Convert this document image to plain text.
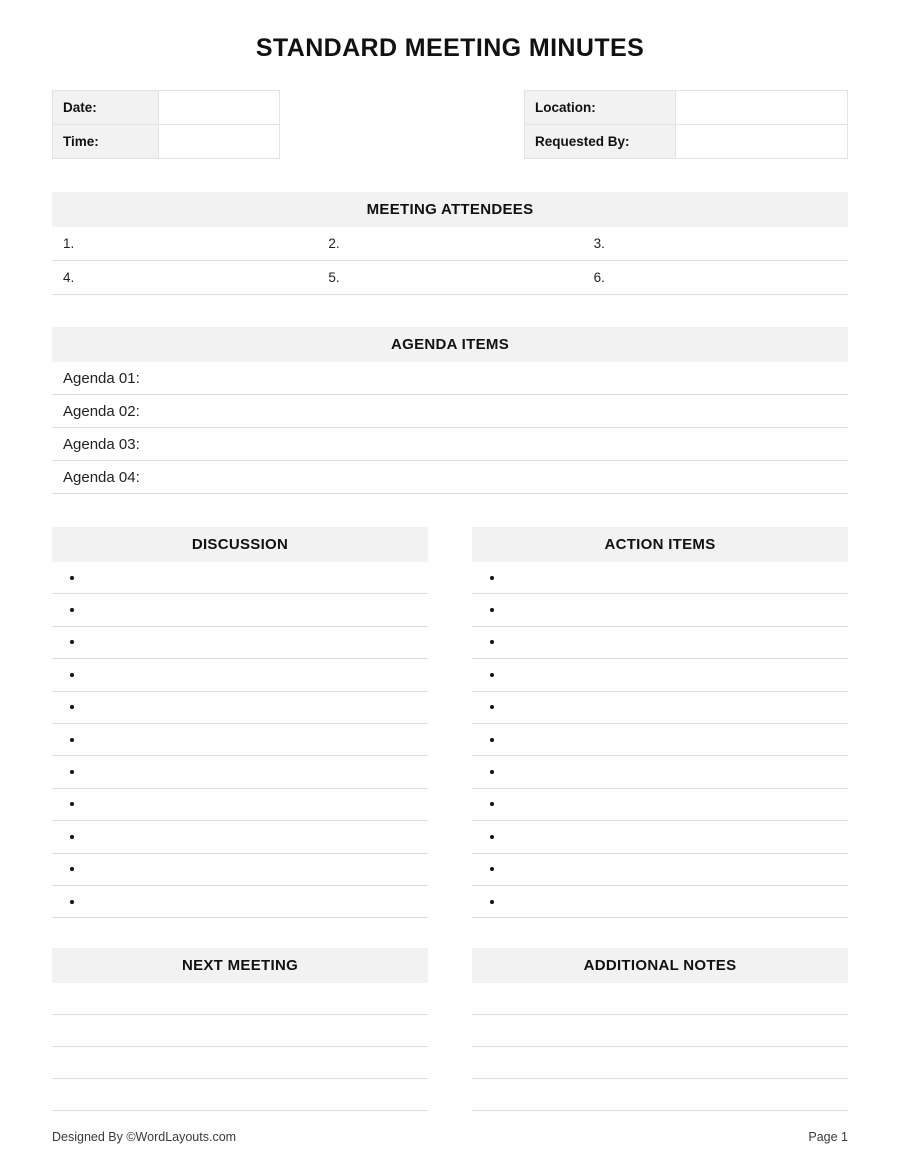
STANDARD MEETING MINUTES
Date:	
Time:	
Location:	
Requested By:	
MEETING ATTENDEES
1.	2.	3.
4.	5.	6.
AGENDA ITEMS
Agenda 01:
Agenda 02:
Agenda 03:
Agenda 04:
DISCUSSION	ACTION ITEMS
NEXT MEETING	ADDITIONAL NOTES
Designed By ©WordLayouts.com	Page 1
